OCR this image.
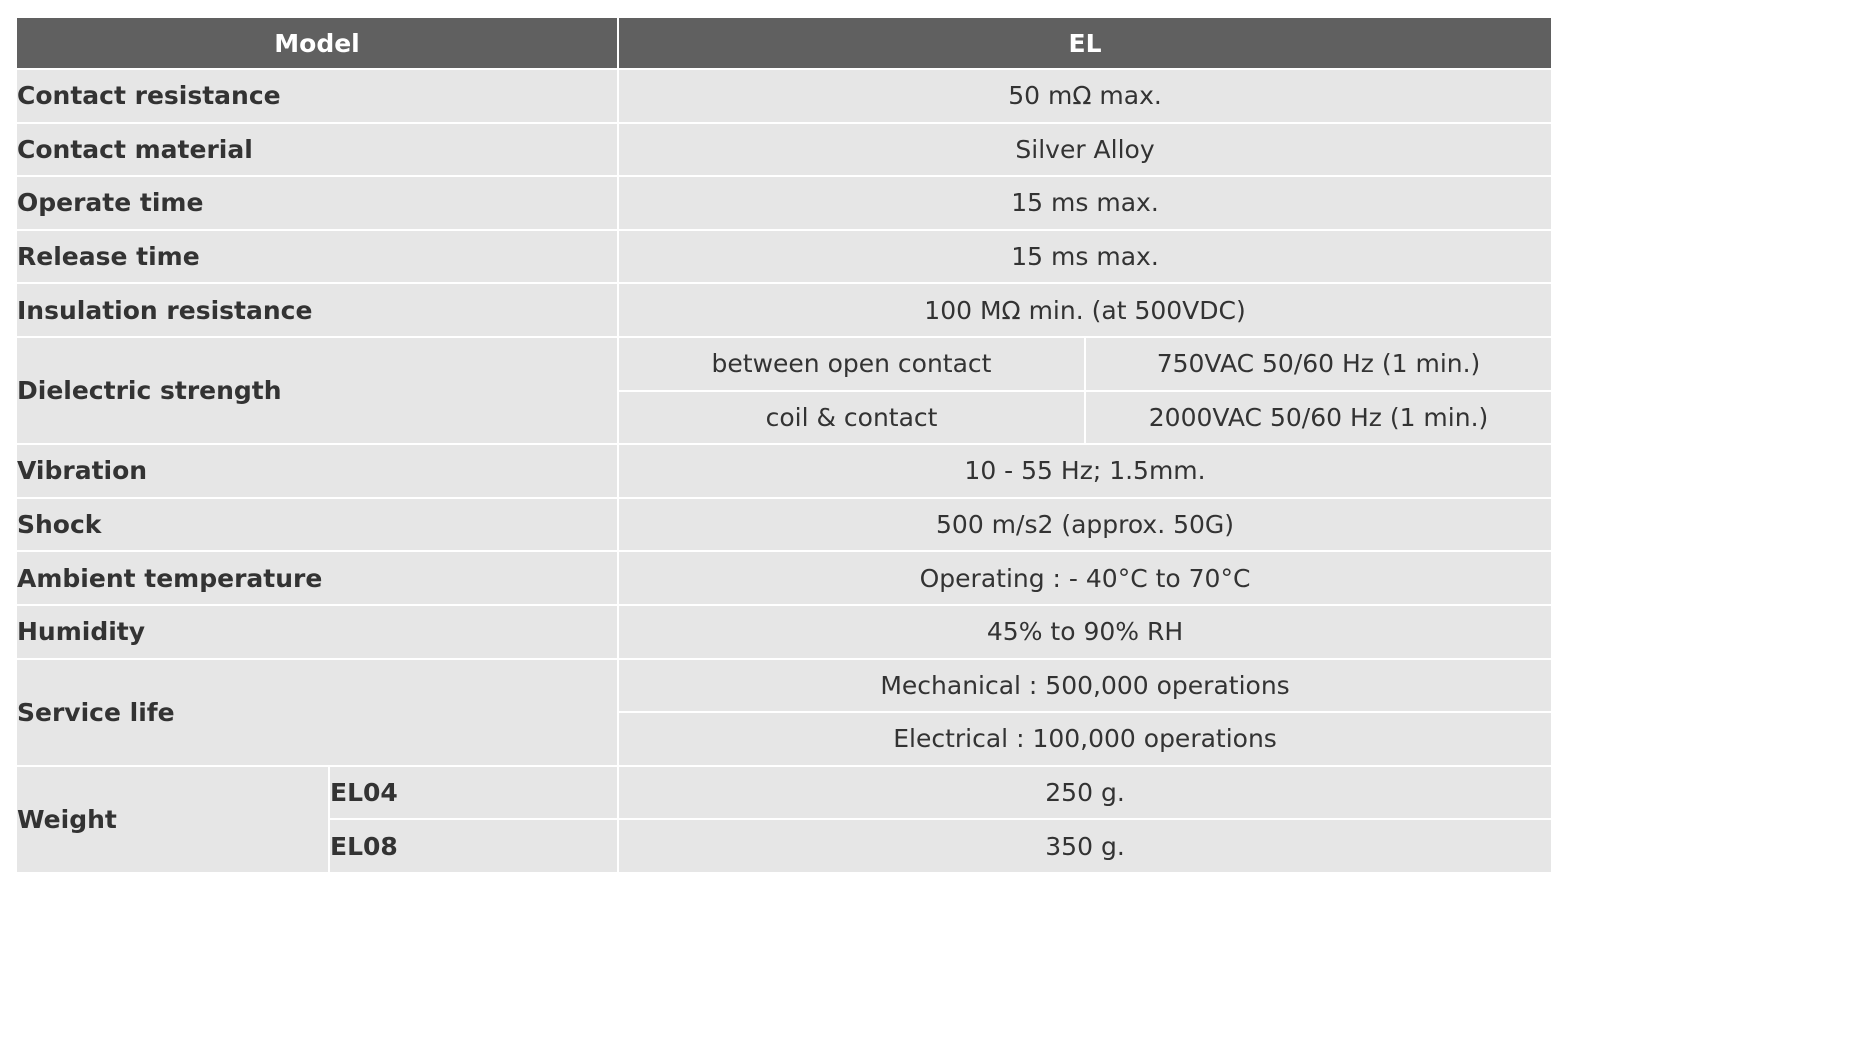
Model		EL	
Contact resistance		50 mΩ max.	
Contact material		Silver Alloy	
Operate time		15 ms max.	
Release time		15 ms max.	
Insulation resistance		100 MΩ min. (at 500VDC)	
Dielectric strength		between open contact	750VAC 50/60 Hz (1 min.)
		coil & contact	2000VAC 50/60 Hz (1 min.)
Vibration		10 - 55 Hz; 1.5mm.	
Shock		500 m/s2 (approx. 50G)	
Ambient temperature		Operating : - 40°C to 70°C	
Humidity		45% to 90% RH	
Service life		Mechanical : 500,000 operations	
		Electrical : 100,000 operations	
Weight	EL04	250 g.	
	EL08	350 g.	
